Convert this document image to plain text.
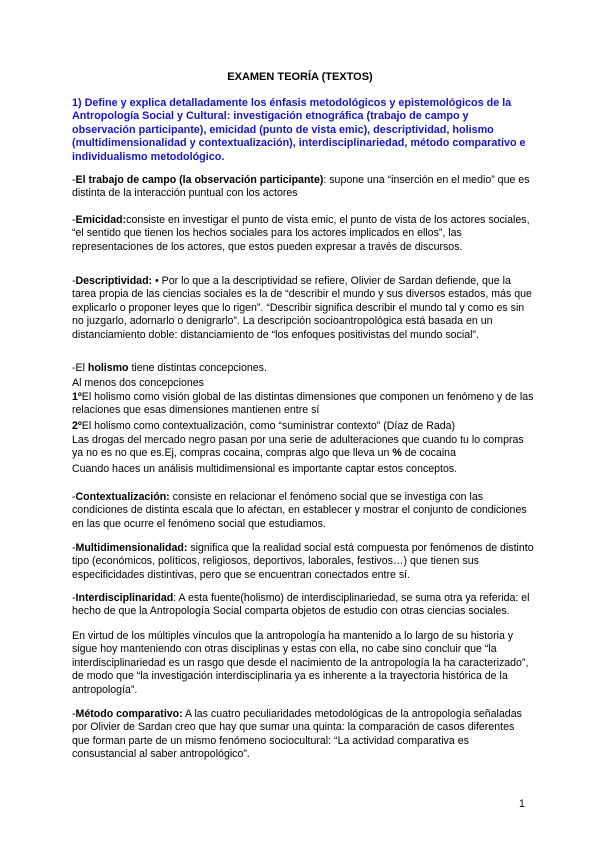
EXAMEN TEORÍA (TEXTOS)

1) Define y explica detalladamente los énfasis metodológicos y epistemológicos de la Antropología Social y Cultural: investigación etnográfica (trabajo de campo y observación participante), emicidad (punto de vista emic), descriptividad, holismo (multidimensionalidad y contextualización), interdisciplinariedad, método comparativo e individualismo metodológico.

-El trabajo de campo (la observación participante): supone una “inserción en el medio” que es distinta de la interacción puntual con los actores

-Emicidad:consiste en investigar el punto de vista emic, el punto de vista de los actores sociales, “el sentido que tienen los hechos sociales para los actores implicados en ellos”, las representaciones de los actores, que estos pueden expresar a través de discursos.

-Descriptividad: • Por lo que a la descriptividad se refiere, Olivier de Sardan defiende, que la tarea propia de las ciencias sociales es la de “describir el mundo y sus diversos estados, más que explicarlo o proponer leyes que lo rigen”. “Describir significa describir el mundo tal y como es sin no juzgarlo, adornarlo o denigrarlo”. La descripción socioantropológica está basada en un distanciamiento doble: distanciamiento de “los enfoques positivistas del mundo social”.

-El holismo tiene distintas concepciones.

Al menos dos concepciones

1ºEl holismo como visión global de las distintas dimensiones que componen un fenómeno y de las relaciones que esas dimensiones mantienen entre sí

2ºEl holismo como contextualización, como “suministrar contexto” (Díaz de Rada)

Las drogas del mercado negro pasan por una serie de adulteraciones que cuando tu lo compras ya no es no que es.Ej, compras cocaina, compras algo que lleva un % de cocaina

Cuando haces un análisis multidimensional es importante captar estos conceptos.

-Contextualización: consiste en relacionar el fenómeno social que se investiga con las condiciones de distinta escala que lo afectan, en establecer y mostrar el conjunto de condiciones en las que ocurre el fenómeno social que estudiamos.

-Multidimensionalidad: significa que la realidad social está compuesta por fenómenos de distinto tipo (económicos, políticos, religiosos, deportivos, laborales, festivos…) que tienen sus especificidades distintivas, pero que se encuentran conectados entre sí.

-Interdisciplinaridad: A esta fuente(holismo) de interdisciplinariedad, se suma otra ya referida: el hecho de que la Antropología Social comparta objetos de estudio con otras ciencias sociales.

En virtud de los múltiples vínculos que la antropología ha mantenido a lo largo de su historia y sigue hoy manteniendo con otras disciplinas y estas con ella, no cabe sino concluir que “la interdisciplinariedad es un rasgo que desde el nacimiento de la antropología la ha caracterizado”, de modo que “la investigación interdisciplinaria ya es inherente a la trayectoria histórica de la antropología”.

-Método comparativo: A las cuatro peculiaridades metodológicas de la antropología señaladas por Olivier de Sardan creo que hay que sumar una quinta: la comparación de casos diferentes que forman parte de un mismo fenómeno sociocultural: “La actividad comparativa es consustancial al saber antropológico”.

1
